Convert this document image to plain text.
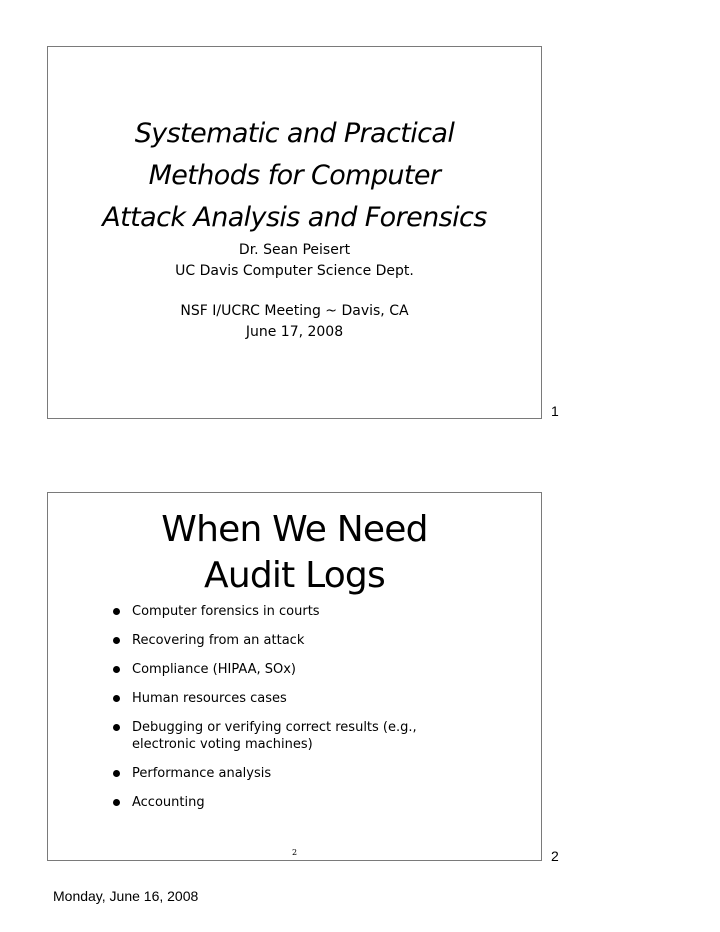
Systematic and Practical
Methods for Computer
Attack Analysis and Forensics
Dr. Sean Peisert
UC Davis Computer Science Dept.
NSF I/UCRC Meeting ~ Davis, CA
June 17, 2008
1
When We Need
Audit Logs
Computer forensics in courts
Recovering from an attack
Compliance (HIPAA, SOx)
Human resources cases
Debugging or verifying correct results (e.g., electronic voting machines)
Performance analysis
Accounting
2	2
Monday, June 16, 2008
